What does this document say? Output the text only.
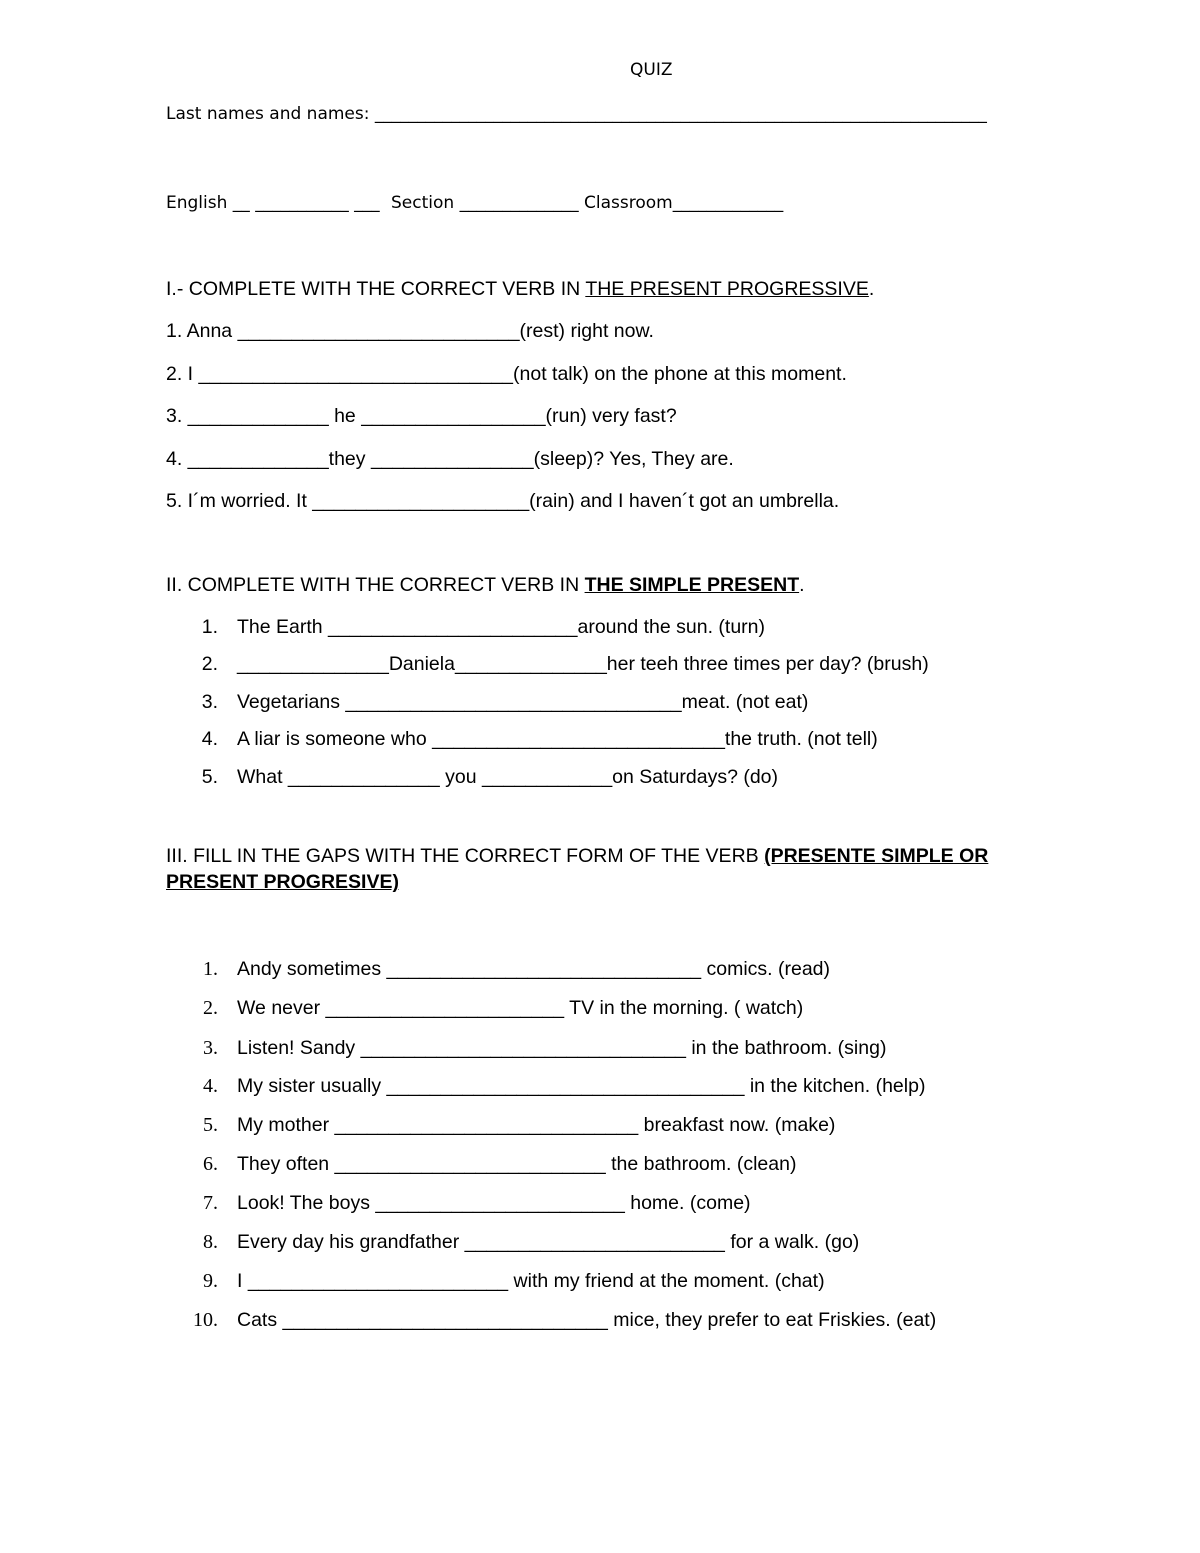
QUIZ
Last names and names: ________________________________________________________________________
English __ ___________ ___ Section ______________ Classroom_____________
I.- COMPLETE WITH THE CORRECT VERB IN THE PRESENT PROGRESSIVE.
1. Anna __________________________(rest) right now.
2. I _____________________________(not talk) on the phone at this moment.
3. _____________ he _________________(run) very fast?
4. _____________they _______________(sleep)? Yes, They are.
5. I´m worried. It ____________________(rain) and I haven´t got an umbrella.
II. COMPLETE WITH THE CORRECT VERB IN THE SIMPLE PRESENT.
1. The Earth _______________________around the sun. (turn)
2. ______________Daniela______________her teeh three times per day? (brush)
3. Vegetarians _______________________________meat. (not eat)
4. A liar is someone who ___________________________the truth. (not tell)
5. What ______________ you ____________on Saturdays? (do)
III. FILL IN THE GAPS WITH THE CORRECT FORM OF THE VERB (PRESENTE SIMPLE OR
PRESENT PROGRESIVE)
1. Andy sometimes _____________________________ comics. (read)
2. We never ______________________ TV in the morning. ( watch)
3. Listen! Sandy ______________________________ in the bathroom. (sing)
4. My sister usually _________________________________ in the kitchen. (help)
5. My mother ____________________________ breakfast now. (make)
6. They often _________________________ the bathroom. (clean)
7. Look! The boys _______________________ home. (come)
8. Every day his grandfather ________________________ for a walk. (go)
9. I ________________________ with my friend at the moment. (chat)
10. Cats ______________________________ mice, they prefer to eat Friskies. (eat)
